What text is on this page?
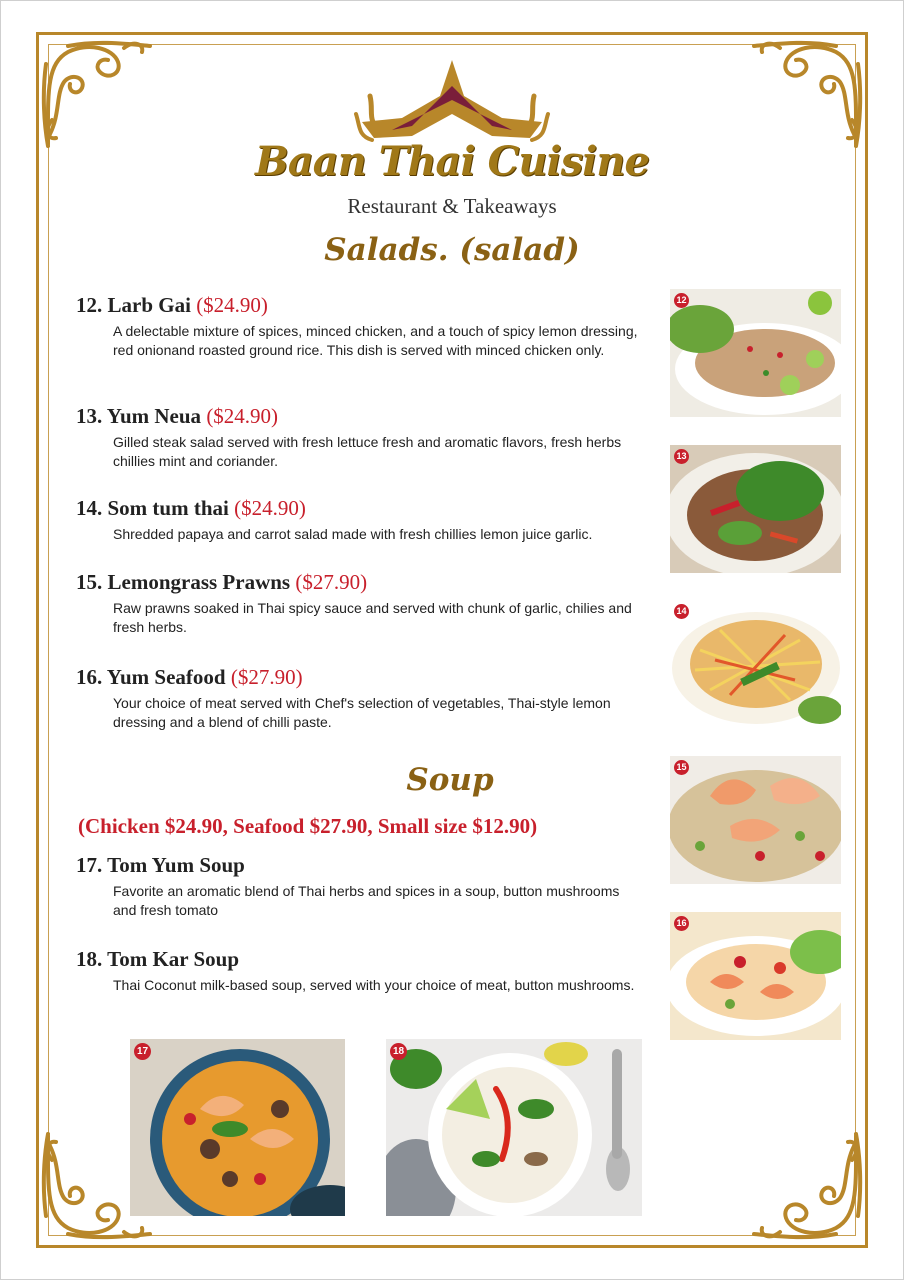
Baan Thai Cuisine
Restaurant & Takeaways
Salads. (salad)
12. Larb Gai ($24.90)
A delectable mixture of spices, minced chicken, and a touch of spicy lemon dressing, red onionand roasted ground rice. This dish is served with minced chicken only.
13. Yum Neua ($24.90)
Gilled steak salad served with fresh lettuce fresh and aromatic flavors, fresh herbs chillies mint and coriander.
14. Som tum thai ($24.90)
Shredded papaya and carrot salad made with fresh chillies lemon juice garlic.
15. Lemongrass Prawns ($27.90)
Raw prawns soaked in Thai spicy sauce and served with chunk of garlic, chilies and fresh herbs.
16. Yum Seafood ($27.90)
Your choice of meat served with Chef's selection of vegetables, Thai-style lemon dressing and a blend of chilli paste.
Soup
(Chicken $24.90, Seafood $27.90, Small size $12.90)
17. Tom Yum Soup
Favorite an aromatic blend of Thai herbs and spices in a soup, button mushrooms and fresh tomato
18. Tom Kar Soup
Thai Coconut milk-based soup, served with your choice of meat, button mushrooms.
12
13
14
15
16
17	18
